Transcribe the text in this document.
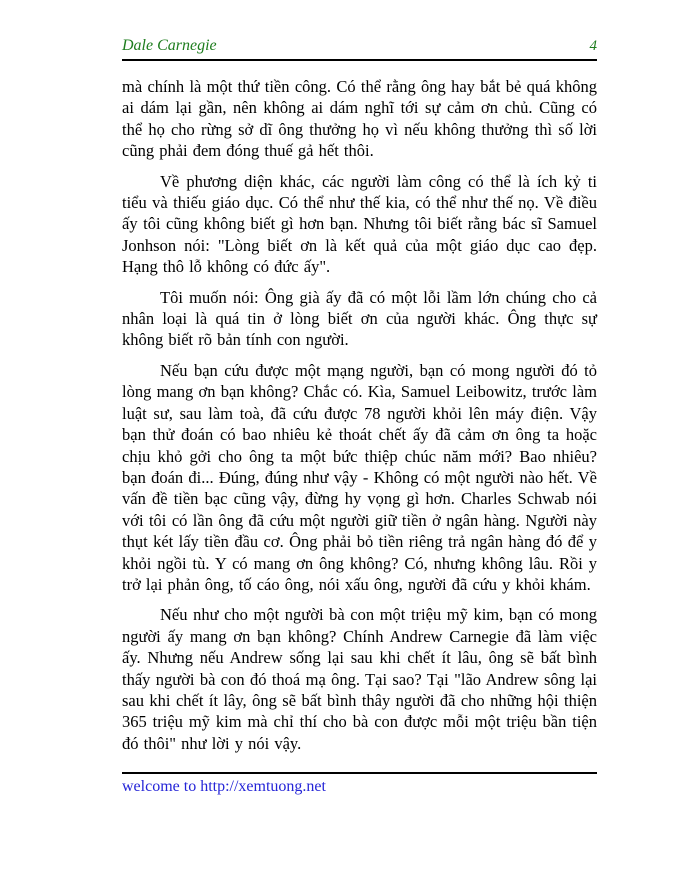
Dale Carnegie	4

mà chính là một thứ tiền công. Có thể rằng ông hay bắt bẻ quá không ai dám lại gần, nên không ai dám nghĩ tới sự cảm ơn chủ. Cũng có thể họ cho rừng sở dĩ ông thưởng họ vì nếu không thưởng thì số lời cũng phải đem đóng thuế gả hết thôi.

Về phương diện khác, các người làm công có thể là ích kỷ ti tiểu và thiếu giáo dục. Có thể như thế kia, có thể như thế nọ. Về điều ấy tôi cũng không biết gì hơn bạn. Nhưng tôi biết rằng bác sĩ Samuel Jonhson nói: "Lòng biết ơn là kết quả của một giáo dục cao đẹp. Hạng thô lỗ không có đức ấy".

Tôi muốn nói: Ông già ấy đã có một lỗi lầm lớn chúng cho cả nhân loại là quá tin ở lòng biết ơn của người khác. Ông thực sự không biết rõ bản tính con người.

Nếu bạn cứu được một mạng người, bạn có mong người đó tỏ lòng mang ơn bạn không? Chắc có. Kìa, Samuel Leibowitz, trước làm luật sư, sau làm toà, đã cứu được 78 người khỏi lên máy điện. Vậy bạn thử đoán có bao nhiêu kẻ thoát chết ấy đã cảm ơn ông ta hoặc chịu khỏ gởi cho ông ta một bức thiệp chúc năm mới? Bao nhiêu? bạn đoán đi... Đúng, đúng như vậy - Không có một người nào hết. Về vấn đề tiền bạc cũng vậy, đừng hy vọng gì hơn. Charles Schwab nói với tôi có lần ông đã cứu một người giữ tiền ở ngân hàng. Người này thụt két lấy tiền đầu cơ. Ông phải bỏ tiền riêng trả ngân hàng đó để y khỏi ngồi tù. Y có mang ơn ông không? Có, nhưng không lâu. Rồi y trở lại phản ông, tố cáo ông, nói xấu ông, người đã cứu y khỏi khám.

Nếu như cho một người bà con một triệu mỹ kim, bạn có mong người ấy mang ơn bạn không? Chính Andrew Carnegie đã làm việc ấy. Nhưng nếu Andrew sống lại sau khi chết ít lâu, ông sẽ bất bình thấy người bà con đó thoá mạ ông. Tại sao? Tại "lão Andrew sông lại sau khi chết ít lây, ông sẽ bất bình thây người đã cho những hội thiện 365 triệu mỹ kim mà chỉ thí cho bà con được mỗi một triệu bần tiện đó thôi" như lời y nói vậy.

welcome to http://xemtuong.net
